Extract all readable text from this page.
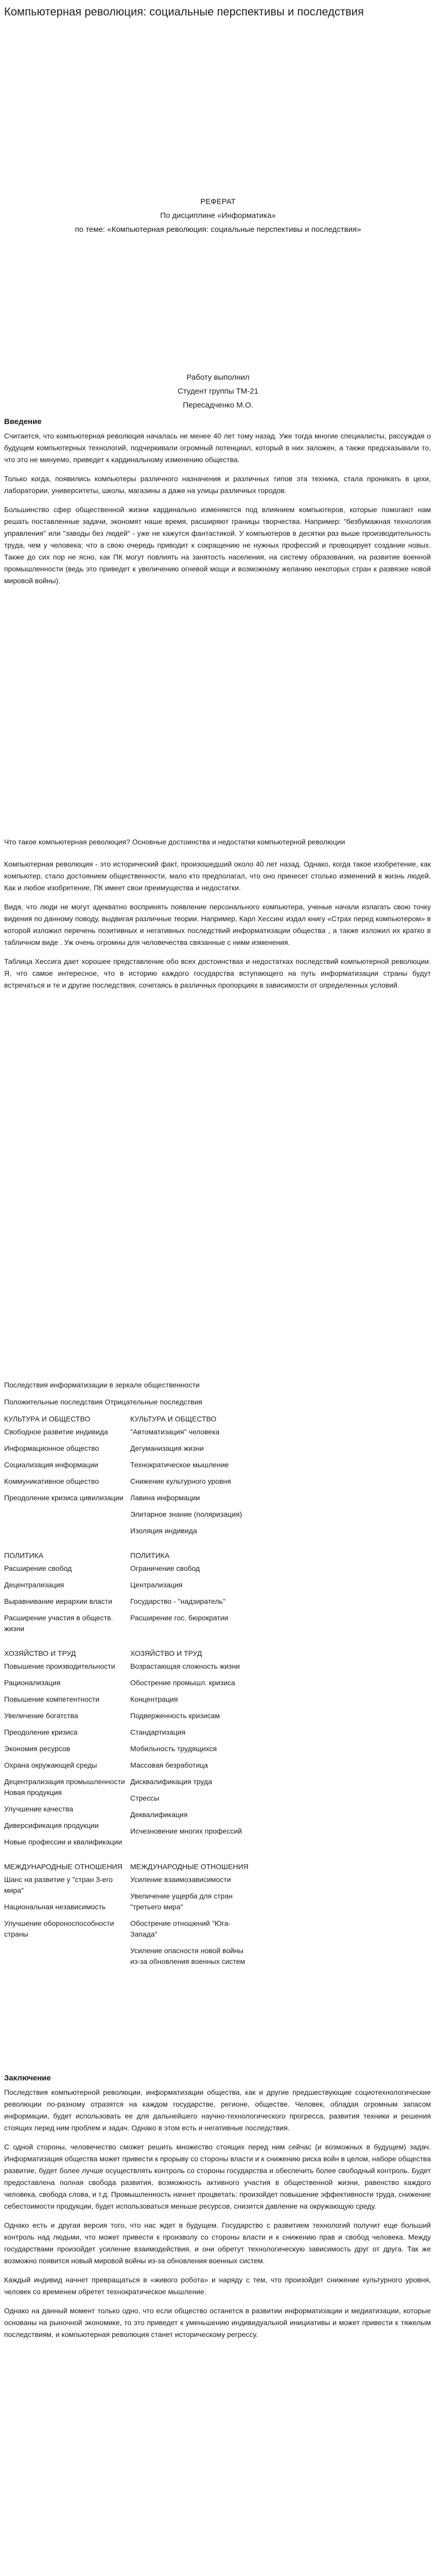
Компьютерная революция: социальные перспективы и последствия
РЕФЕРАТ
По дисциплине «Информатика»
по теме: «Компьютерная революция: социальные перспективы и последствия»
Работу выполнил
Студент группы ТМ-21
Пересадченко М.О.
Введение

Считается, что компьютерная революция началась не менее 40 лет тому назад. Уже тогда многие специалисты, рассуждая о будущем компьютерных технологий, подчеркивали огромный потенциал, который в них заложен, а также предсказывали то, что это не минуемо, приведет к кардинальному изменению общества.

Только когда, появились компьютеры различного назначения и различных типов эта техника, стала проникать в цехи, лаборатории, университеты, школы, магазины а даже на улицы различных городов.

Большинство сфер общественной жизни кардинально изменяются под влиянием компьютеров, которые помогают нам решать поставленные задачи, экономят наше время, расширяют границы творчества. Например: "безбумажная технология управления" или "заводы без людей" - уже не кажутся фантастикой. У компьютеров в десятки раз выше производительность труда, чем у человека; что а свою очередь приводит к сокращению не нужных профессий и провоцирует создание новых. Также до сих пор не ясно, как ПК могут повлиять на занятость населения, на систему образования, на развитие военной промышленности (ведь это приведет к увеличению огневой мощи и возможному желанию некоторых стран к развязке новой мировой войны).

Что такое компьютерная революция? Основные достоинства и недостатки компьютерной революции

Компьютерная революция - это исторический факт, произошедший около 40 лет назад. Однако, когда такое изобретение, как компьютер, стало достоянием общественности, мало кто предполагал, что оно принесет столько изменений в жизнь людей. Как и любое изобретение, ПК имеет свои преимущества и недостатки.

Видя, что люди не могут адекватно воспринять появление персонального компьютера, ученые начали излагать свою точку видения по данному поводу, выдвигая различные теории. Например, Карл Хессинг издал книгу «Страх перед компьютером» в которой изложил перечень позитивных и негативных последствий информатизации общества , а также изложил их кратко в табличном виде . Уж очень огромны для человечества связанные с ними изменения.

Таблица Хессига дает хорошее представление обо всех достоинствах и недостатках последствий компьютерной революции. Я, что самое интересное, что в историю каждого государства вступающего на путь информатизации страны будут встречаться и те и другие последствия, сочетаясь в различных пропорциях в зависимости от определенных условий.

Последствия информатизации в зеркале общественности
Положительные последствия Отрицательные последствия
КУЛЬТУРА И ОБЩЕСТВО
Свободное развитие индивида
Информационное общество
Социализация информации
Коммуникативное общество
Преодоление кризиса цивилизации
КУЛЬТУРА И ОБЩЕСТВО
"Автоматизация" человека
Дегуманизация жизни
Технократическое мышление
Снижение культурного уровня
Лавина информации
Элитарное знание (поляризация)
Изоляция индивида
ПОЛИТИКА
Расширение свобод
Децентрализация
Выравнивание иерархии власти
Расширение участия в обществ. жизни
ПОЛИТИКА
Ограничение свобод
Централизация
Государство - "надзиратель"
Расширение гос. бюрократии
ХОЗЯЙСТВО И ТРУД
Повышение производительности
Рационализация
Повышение компетентности
Увеличение богатства
Преодоление кризиса
Экономия ресурсов
Охрана окружающей среды
Децентрализация промышленности Новая продукция
Улучшение качества
Диверсификация продукции
Новые профессии и квалификации
ХОЗЯЙСТВО И ТРУД
Возрастающая сложность жизни
Обострение промышл. кризиса
Концентрация
Подверженность кризисам
Стандартизация
Мобильность трудящихся
Массовая безработица
Дисквалификация труда
Стрессы
Деквалификация
Исчезновение многих профессий
МЕЖДУНАРОДНЫЕ ОТНОШЕНИЯ
Шанс на развитие у "стран 3-его мира"
Национальная независимость
Улучшение обороноспособности страны
МЕЖДУНАРОДНЫЕ ОТНОШЕНИЯ
Усиление взаимозависимости
Увеличение ущерба для стран "третьего мира"
Обострение отношений "Юга-Запада"
Усиление опасности новой войны из-за обновления военных систем
Заключение

Последствия компьютерной революции, информатизации общества, как и другие предшествующие социотехнологические революции по-разному отразятся на каждом государстве, регионе, обществе. Человек, обладая огромным запасом информации, будет использовать ее для дальнейшего научно-технологического прогресса, развития техники и решения стоящих перед ним проблем и задач. Однако в этом есть и негативные последствия.

С одной стороны, человечество сможет решить множество стоящих перед ним сейчас (и возможных в будущем) задач. Информатизация общества может привести к прорыву со стороны власти и к снижению риска войн в целом, наборе общества развитие, будет более лучше осуществлять контроль со стороны государства и обеспечить более свободный контроль. Будет предоставлена полная свобода развития, возможность активного участия в общественной жизни, равенство каждого человека, свобода слова, и т.д. Промышленность начнет процветать: произойдет повышение эффективности труда, снижение себестоимости продукции, будет использоваться меньше ресурсов, снизится давление на окружающую среду.

Однако есть и другая версия того, что нас ждет в будущем. Государство с развитием технологий получит еще больший контроль над людьми, что может привести к произволу со стороны власти и к снижению прав и свобод человека. Между государствами произойдет усиление взаимодействия, и они обретут технологическую зависимость друг от друга. Так же возможно появится новый мировой войны из-за обновления военных систем.

Каждый индивид начнет превращаться в «живого робота» и наряду с тем, что произойдет снижение культурного уровня, человек со временем обретет технократическое мышление.

Однако на данный момент только одно, что если общество останется в развитии информатизации и медиатизации, которые основаны на рыночной экономике, то это приведет к уменьшению индивидуальной инициативы и может привести к тяжелым последствиям, и компьютерная революция станет историческому регрессу.
